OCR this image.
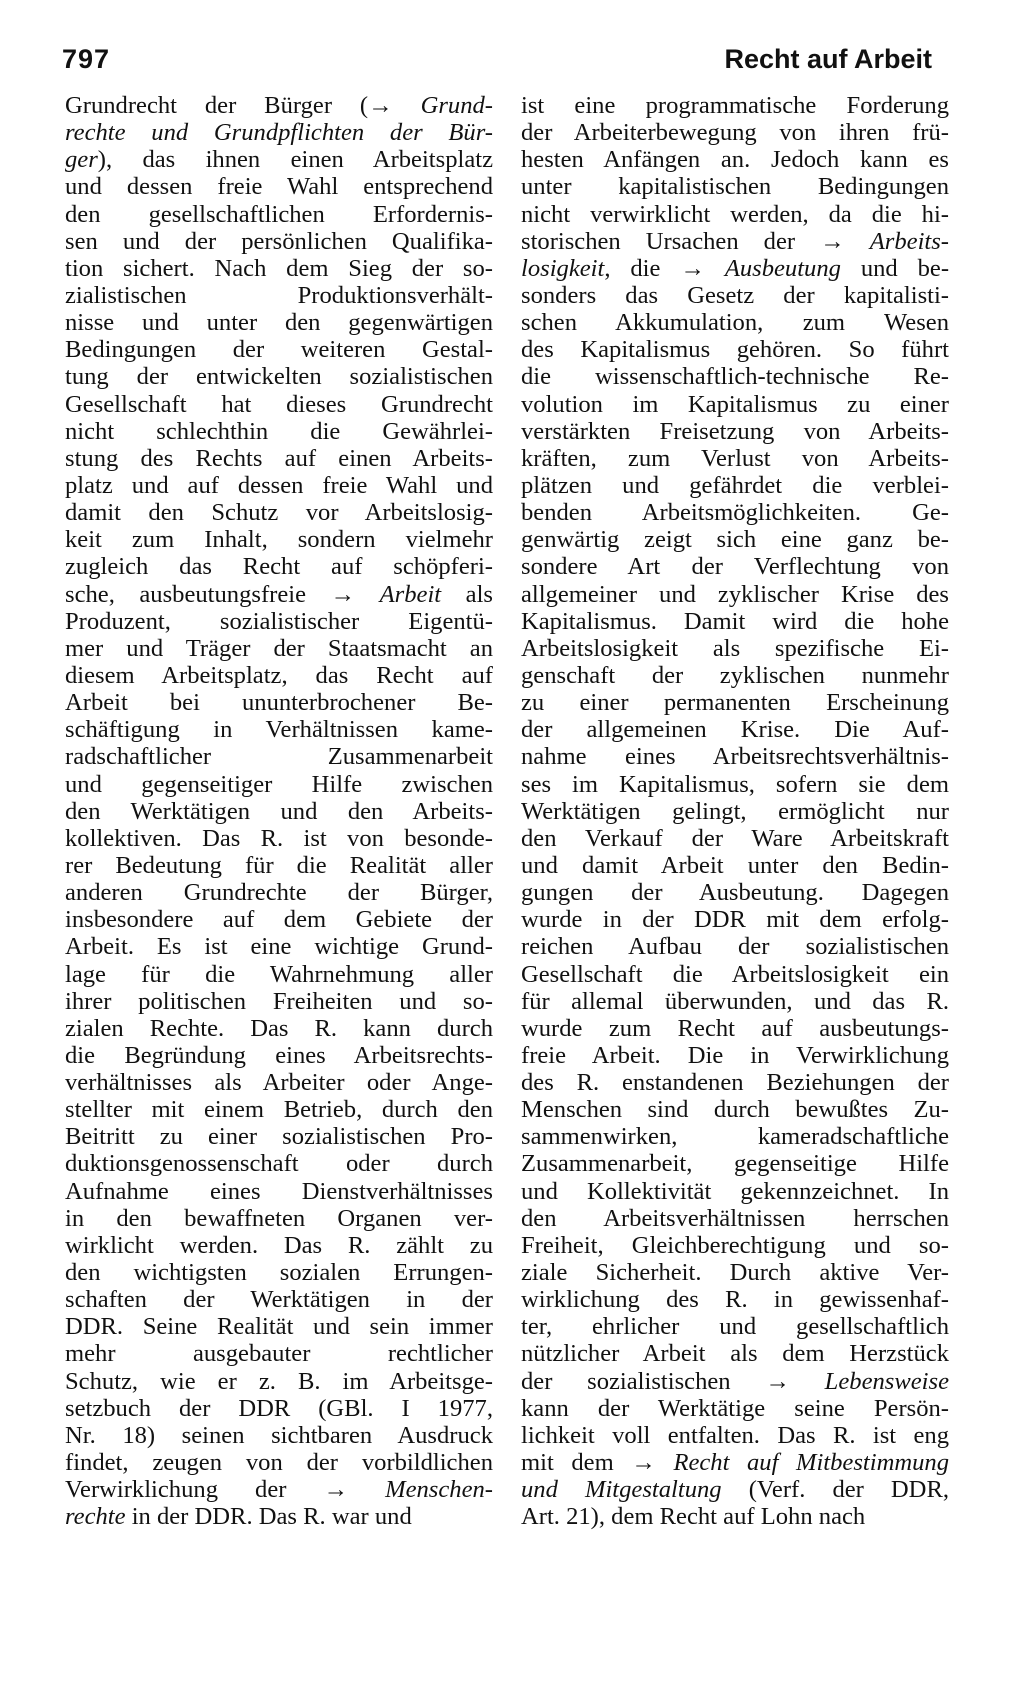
797	Recht auf Arbeit
Grundrecht der Bürger (→ Grund-
rechte und Grundpflichten der Bür-
ger), das ihnen einen Arbeitsplatz
und dessen freie Wahl entsprechend
den gesellschaftlichen Erfordernis-
sen und der persönlichen Qualifika-
tion sichert. Nach dem Sieg der so-
zialistischen Produktionsverhält-
nisse und unter den gegenwärtigen
Bedingungen der weiteren Gestal-
tung der entwickelten sozialistischen
Gesellschaft hat dieses Grundrecht
nicht schlechthin die Gewährlei-
stung des Rechts auf einen Arbeits-
platz und auf dessen freie Wahl und
damit den Schutz vor Arbeitslosig-
keit zum Inhalt, sondern vielmehr
zugleich das Recht auf schöpferi-
sche, ausbeutungsfreie → Arbeit als
Produzent, sozialistischer Eigentü-
mer und Träger der Staatsmacht an
diesem Arbeitsplatz, das Recht auf
Arbeit bei ununterbrochener Be-
schäftigung in Verhältnissen kame-
radschaftlicher Zusammenarbeit
und gegenseitiger Hilfe zwischen
den Werktätigen und den Arbeits-
kollektiven. Das R. ist von besonde-
rer Bedeutung für die Realität aller
anderen Grundrechte der Bürger,
insbesondere auf dem Gebiete der
Arbeit. Es ist eine wichtige Grund-
lage für die Wahrnehmung aller
ihrer politischen Freiheiten und so-
zialen Rechte. Das R. kann durch
die Begründung eines Arbeitsrechts-
verhältnisses als Arbeiter oder Ange-
stellter mit einem Betrieb, durch den
Beitritt zu einer sozialistischen Pro-
duktionsgenossenschaft oder durch
Aufnahme eines Dienstverhältnisses
in den bewaffneten Organen ver-
wirklicht werden. Das R. zählt zu
den wichtigsten sozialen Errungen-
schaften der Werktätigen in der
DDR. Seine Realität und sein immer
mehr ausgebauter rechtlicher
Schutz, wie er z. B. im Arbeitsge-
setzbuch der DDR (GBl. I 1977,
Nr. 18) seinen sichtbaren Ausdruck
findet, zeugen von der vorbildlichen
Verwirklichung der → Menschen-
rechte in der DDR. Das R. war und
ist eine programmatische Forderung
der Arbeiterbewegung von ihren frü-
hesten Anfängen an. Jedoch kann es
unter kapitalistischen Bedingungen
nicht verwirklicht werden, da die hi-
storischen Ursachen der → Arbeits-
losigkeit, die → Ausbeutung und be-
sonders das Gesetz der kapitalisti-
schen Akkumulation, zum Wesen
des Kapitalismus gehören. So führt
die wissenschaftlich-technische Re-
volution im Kapitalismus zu einer
verstärkten Freisetzung von Arbeits-
kräften, zum Verlust von Arbeits-
plätzen und gefährdet die verblei-
benden Arbeitsmöglichkeiten. Ge-
genwärtig zeigt sich eine ganz be-
sondere Art der Verflechtung von
allgemeiner und zyklischer Krise des
Kapitalismus. Damit wird die hohe
Arbeitslosigkeit als spezifische Ei-
genschaft der zyklischen nunmehr
zu einer permanenten Erscheinung
der allgemeinen Krise. Die Auf-
nahme eines Arbeitsrechtsverhältnis-
ses im Kapitalismus, sofern sie dem
Werktätigen gelingt, ermöglicht nur
den Verkauf der Ware Arbeitskraft
und damit Arbeit unter den Bedin-
gungen der Ausbeutung. Dagegen
wurde in der DDR mit dem erfolg-
reichen Aufbau der sozialistischen
Gesellschaft die Arbeitslosigkeit ein
für allemal überwunden, und das R.
wurde zum Recht auf ausbeutungs-
freie Arbeit. Die in Verwirklichung
des R. enstandenen Beziehungen der
Menschen sind durch bewußtes Zu-
sammenwirken, kameradschaftliche
Zusammenarbeit, gegenseitige Hilfe
und Kollektivität gekennzeichnet. In
den Arbeitsverhältnissen herrschen
Freiheit, Gleichberechtigung und so-
ziale Sicherheit. Durch aktive Ver-
wirklichung des R. in gewissenhaf-
ter, ehrlicher und gesellschaftlich
nützlicher Arbeit als dem Herzstück
der sozialistischen → Lebensweise
kann der Werktätige seine Persön-
lichkeit voll entfalten. Das R. ist eng
mit dem → Recht auf Mitbestimmung
und Mitgestaltung (Verf. der DDR,
Art. 21), dem Recht auf Lohn nach
